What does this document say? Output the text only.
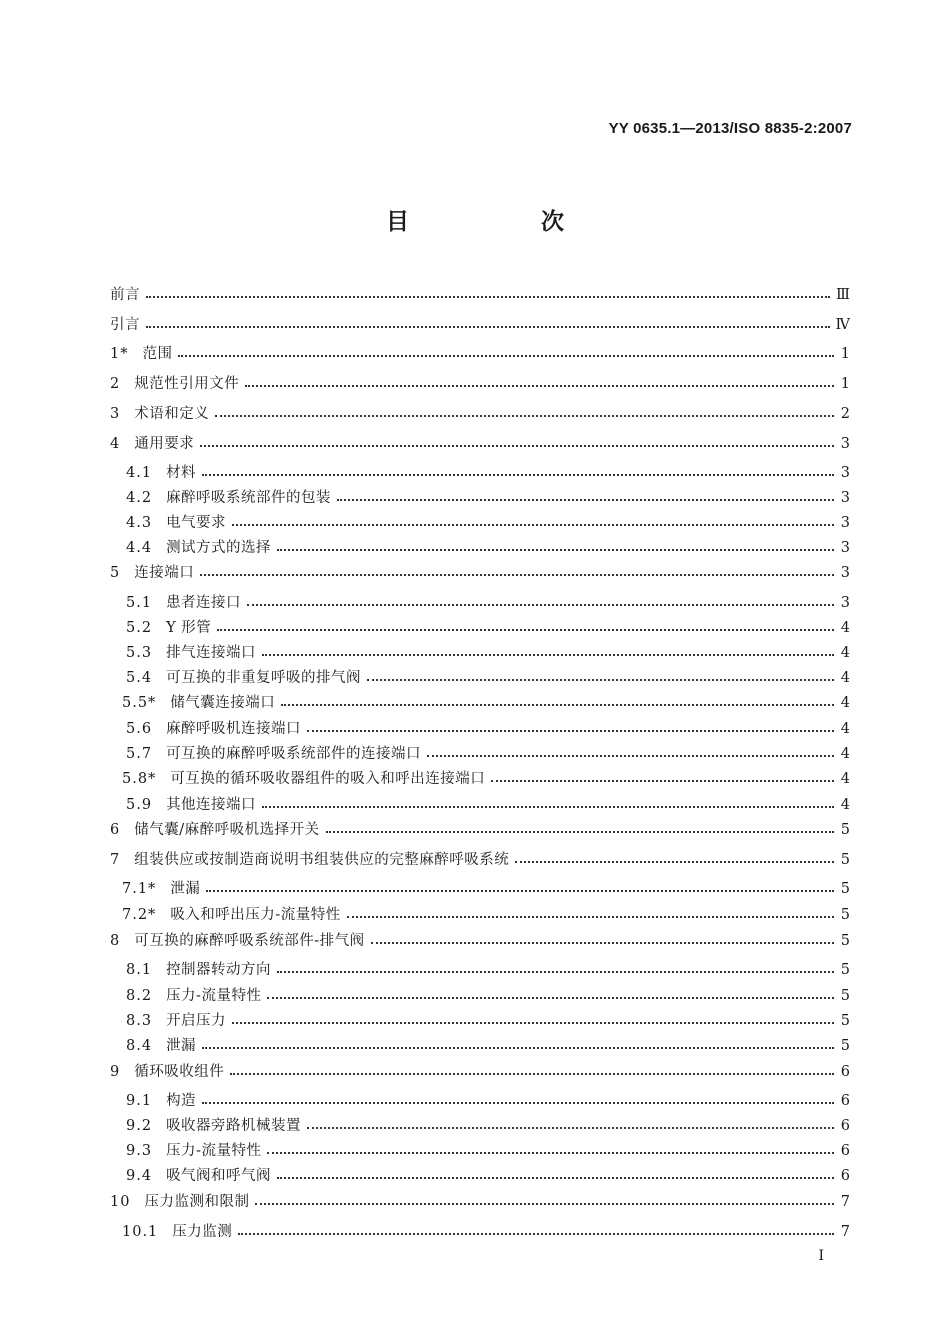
YY 0635.1—2013/ISO 8835-2:2007
目 次
前言	Ⅲ
引言	Ⅳ
1* 范围	1
2 规范性引用文件	1
3 术语和定义	2
4 通用要求	3
4.1 材料	3
4.2 麻醉呼吸系统部件的包装	3
4.3 电气要求	3
4.4 测试方式的选择	3
5 连接端口	3
5.1 患者连接口	3
5.2 Y 形管	4
5.3 排气连接端口	4
5.4 可互换的非重复呼吸的排气阀	4
5.5* 储气囊连接端口	4
5.6 麻醉呼吸机连接端口	4
5.7 可互换的麻醉呼吸系统部件的连接端口	4
5.8* 可互换的循环吸收器组件的吸入和呼出连接端口	4
5.9 其他连接端口	4
6 储气囊/麻醉呼吸机选择开关	5
7 组装供应或按制造商说明书组装供应的完整麻醉呼吸系统	5
7.1* 泄漏	5
7.2* 吸入和呼出压力-流量特性	5
8 可互换的麻醉呼吸系统部件-排气阀	5
8.1 控制器转动方向	5
8.2 压力-流量特性	5
8.3 开启压力	5
8.4 泄漏	5
9 循环吸收组件	6
9.1 构造	6
9.2 吸收器旁路机械装置	6
9.3 压力-流量特性	6
9.4 吸气阀和呼气阀	6
10 压力监测和限制	7
10.1 压力监测	7
I
